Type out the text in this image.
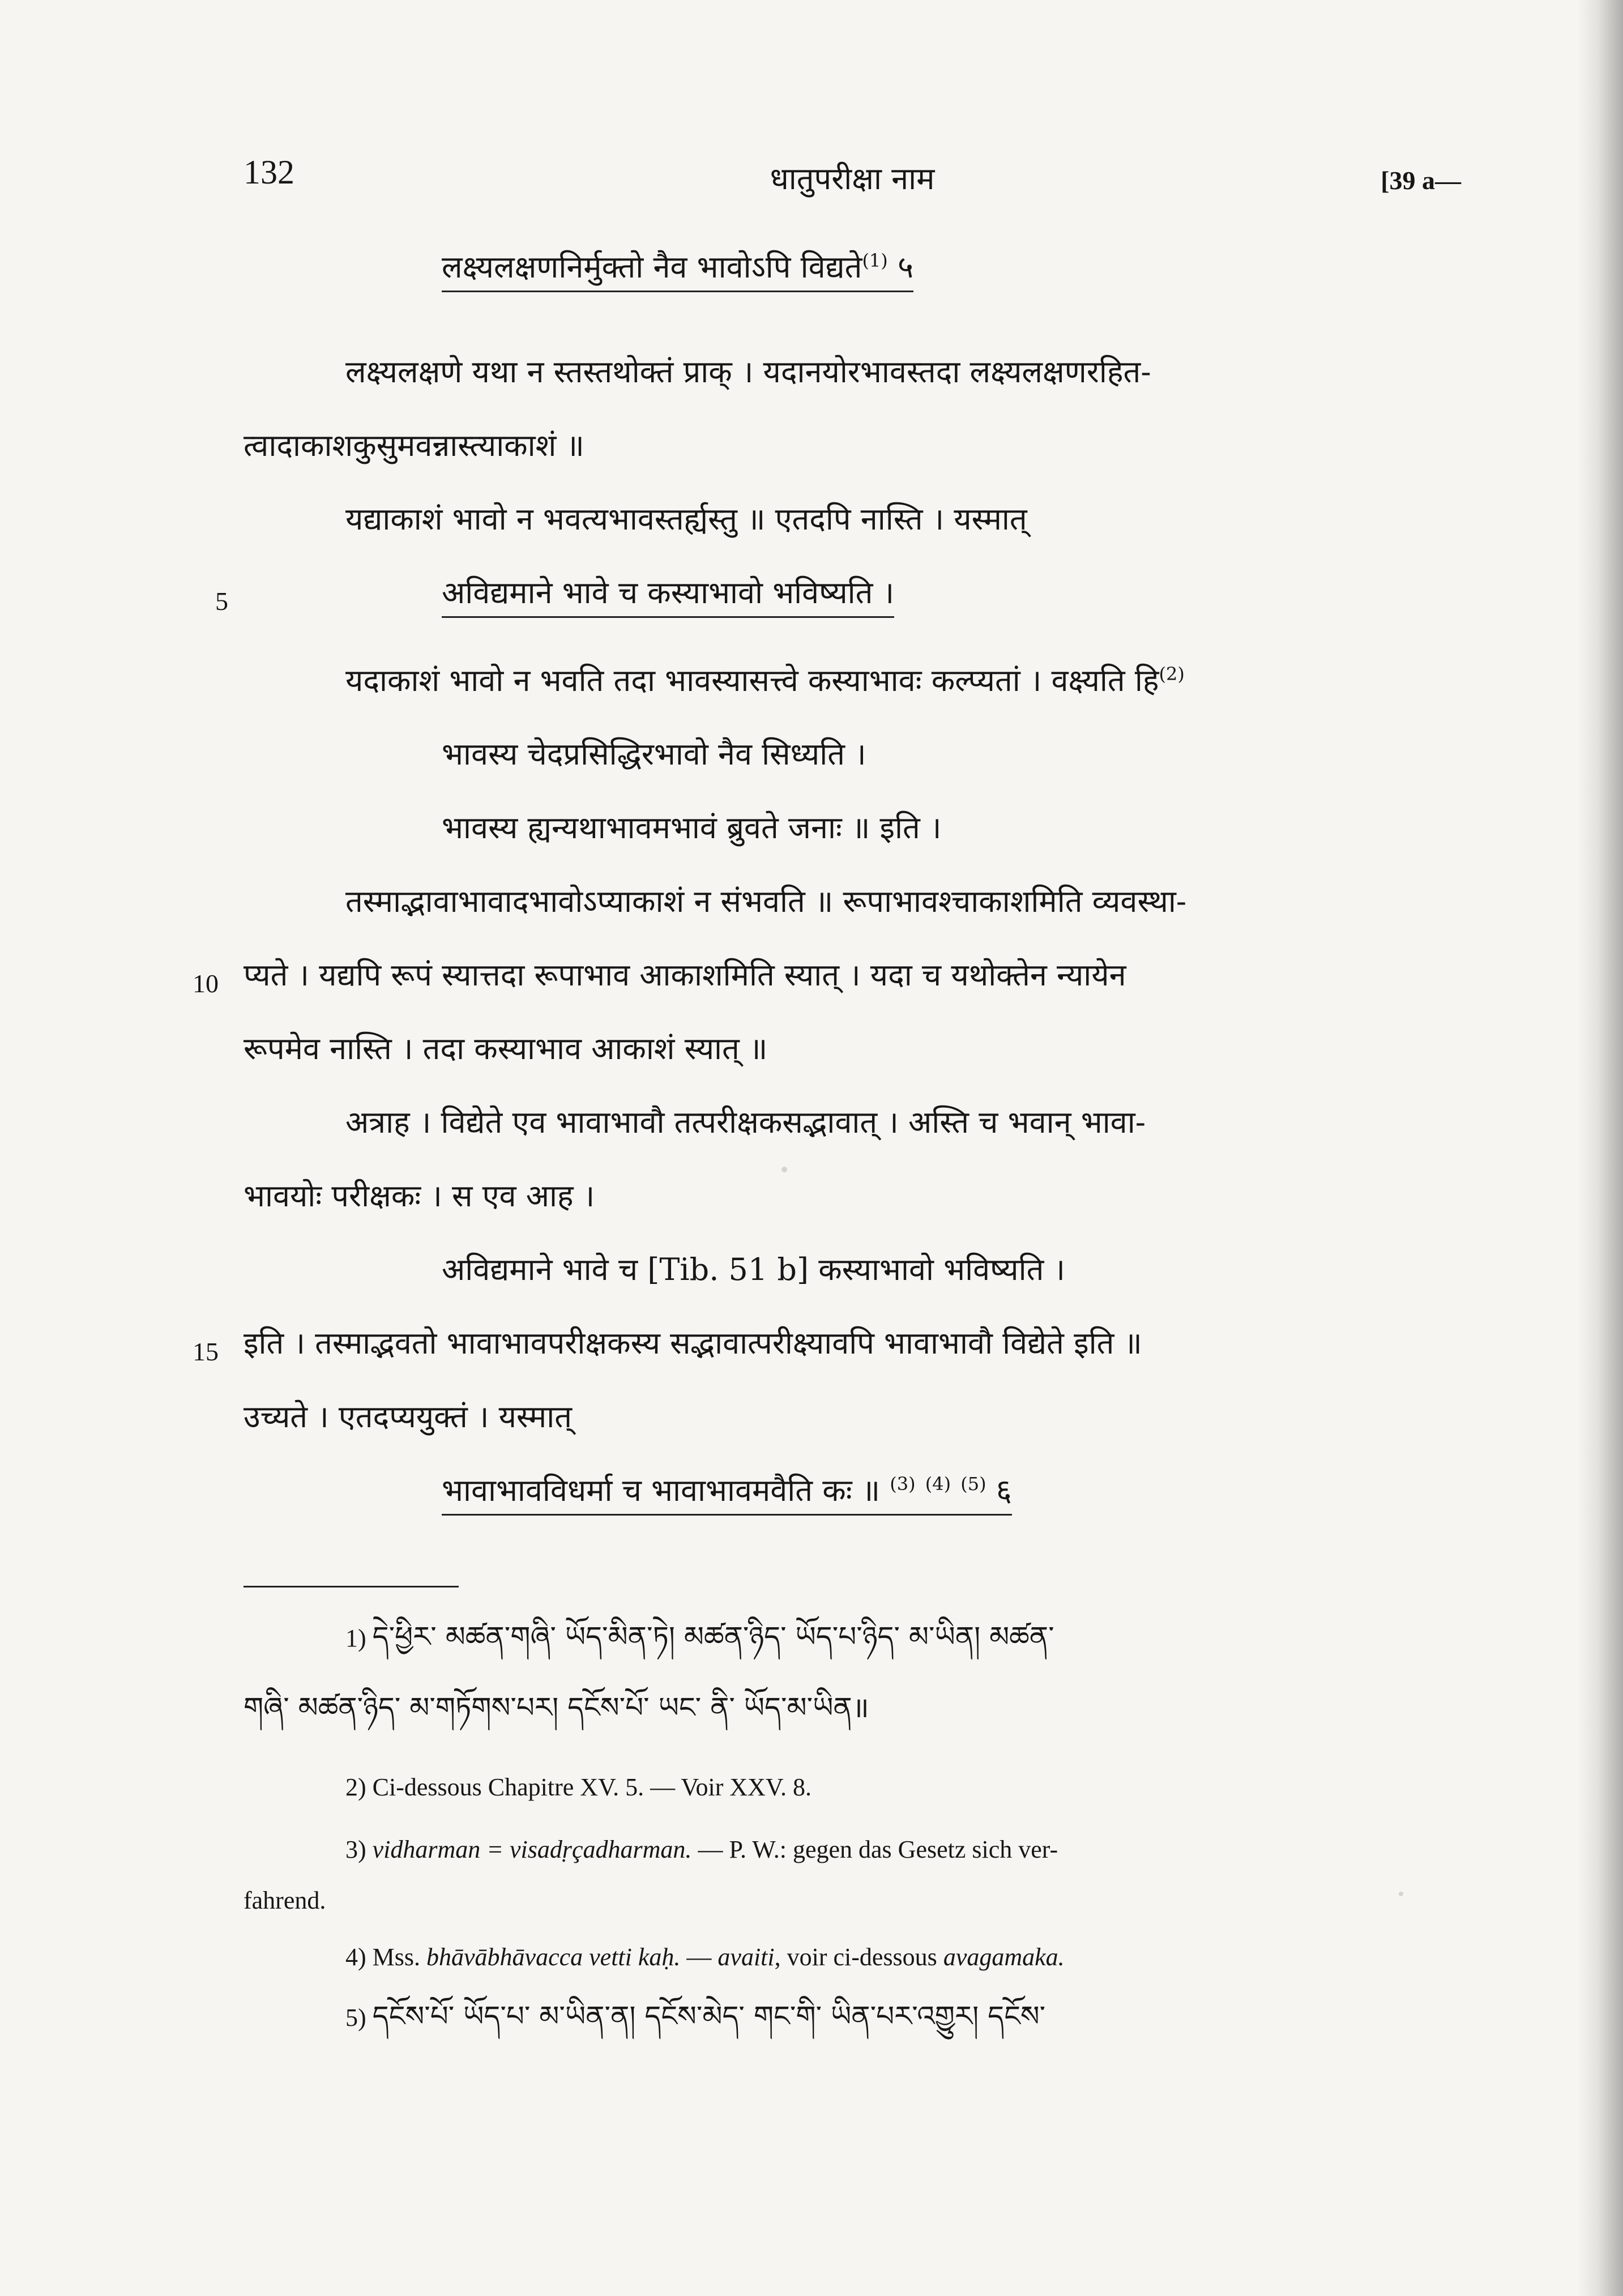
132	धातुपरीक्षा नाम	[39 a—
लक्ष्यलक्षणनिर्मुक्तो नैव भावोऽपि विद्यते$^{(1)}$ ५
लक्ष्यलक्षणे यथा न स्तस्तथोक्तं प्राक् । यदानयोरभावस्तदा लक्ष्यलक्षणरहित-
त्वादाकाशकुसुमवन्नास्त्याकाशं ॥
यद्याकाशं भावो न भवत्यभावस्तर्ह्यस्तु ॥ एतदपि नास्ति । यस्मात्
5	अविद्यमाने भावे च कस्याभावो भविष्यति ।
यदाकाशं भावो न भवति तदा भावस्यासत्त्वे कस्याभावः कल्प्यतां । वक्ष्यति हि$^{(2)}$
भावस्य चेदप्रसिद्धिरभावो नैव सिध्यति ।
भावस्य ह्यन्यथाभावमभावं ब्रुवते जनाः ॥ इति ।
तस्माद्भावाभावादभावोऽप्याकाशं न संभवति ॥ रूपाभावश्चाकाशमिति व्यवस्था-
10 प्यते । यद्यपि रूपं स्यात्तदा रूपाभाव आकाशमिति स्यात् । यदा च यथोक्तेन न्यायेन
रूपमेव नास्ति । तदा कस्याभाव आकाशं स्यात् ॥
अत्राह । विद्येते एव भावाभावौ तत्परीक्षकसद्भावात् । अस्ति च भवान् भावा-
भावयोः परीक्षकः । स एव आह ।
अविद्यमाने भावे च [Tib. 51 b] कस्याभावो भविष्यति ।
15 इति । तस्माद्भवतो भावाभावपरीक्षकस्य सद्भावात्परीक्ष्यावपि भावाभावौ विद्येते इति ॥
उच्यते । एतदप्ययुक्तं । यस्मात्
भावाभावविधर्मा च भावाभावमवैति कः ॥ $^{(3)}$ $^{(4)}$ $^{(5)}$ ६
1) དེ་ཕྱིར་ མཚན་གཞི་ ཡོད་མིན་ཏེ། མཚན་ཉིད་ ཡོད་པ་ཉིད་ མ་ཡིན། མཚན་
གཞི་ མཚན་ཉིད་ མ་གཏོགས་པར། དངོས་པོ་ ཡང་ ནི་ ཡོད་མ་ཡིན॥
2) Ci-dessous Chapitre XV. 5. — Voir XXV. 8.
3) vidharman = visadṛçadharman. — P. W.: gegen das Gesetz sich ver-
fahrend.
4) Mss. bhāvābhāvacca vetti kaḥ. — avaiti, voir ci-dessous avagamaka.
5) དངོས་པོ་ ཡོད་པ་ མ་ཡིན་ན། དངོས་མེད་ གང་གི་ ཡིན་པར་འགྱུར། དངོས་
